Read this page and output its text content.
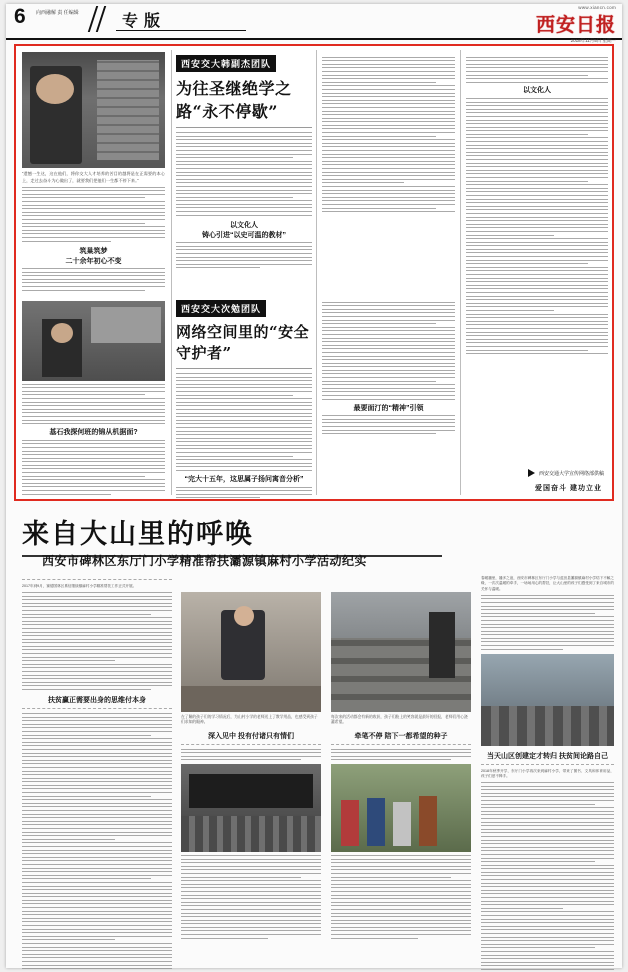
6 向西融解 责 任编辑	专版
www.xiancn.com
西安日报
2018年11月5日 星期一
“遗憾一生这，这在他们，将你交大人才培养的苦目的越将是在正需要的本心上，走过去奋斗为心做出了，就要我们把他们一生都不停下来。”
筑巢筑梦
二十余年初心不变
西安交大韩副杰团队
为往圣继绝学之路“永不停歇”
以文化人
铸心引进“以史可温的教材”
基石我探何班的锦从机据面?
西安交大次勉团队
网络空间里的“安全守护者”
“完大十五年，这思属子扬问寓音分析”
最要面汀的“精神”引领
以文化人
西安交通大学宣传网络部供稿
爱国奋斗 建功立业
来自大山里的呼唤
西安市碑林区东厅门小学精准帮扶灞源镇麻村小学活动纪实
2017年到9月，赛德国林区系信继续镇麻村小学精准帮扶工作正式开展。
扶贫赢正需要出身的思维付本身
在了解的孩子们的学习情况后，为山村小学的老师送上了教学用品，也感受到孩子们求知的眼神。
深入见中 投有付诸只有情们
每次来的活动都会有新的收获，孩子们脸上的笑容就是最好的回报，老师们用心浇灌希望。
牵笔不停 陪下一都希望的种子
春暖播里，播多之谊，西安市碑林区东厅门小学与蓝田县灞源镇麻村小学结下不解之缘，一次次温暖的牵手，一场场用心的帮扶，让大山里的孩子们感受到了来自城市的关怀与温暖。
当天山区创建定才转归 扶贫间论路自己
2018年秋季开学，东厅门小学再次来到麻村小学，带来了图书、文具和体育用品，孩子们爱不释手。
